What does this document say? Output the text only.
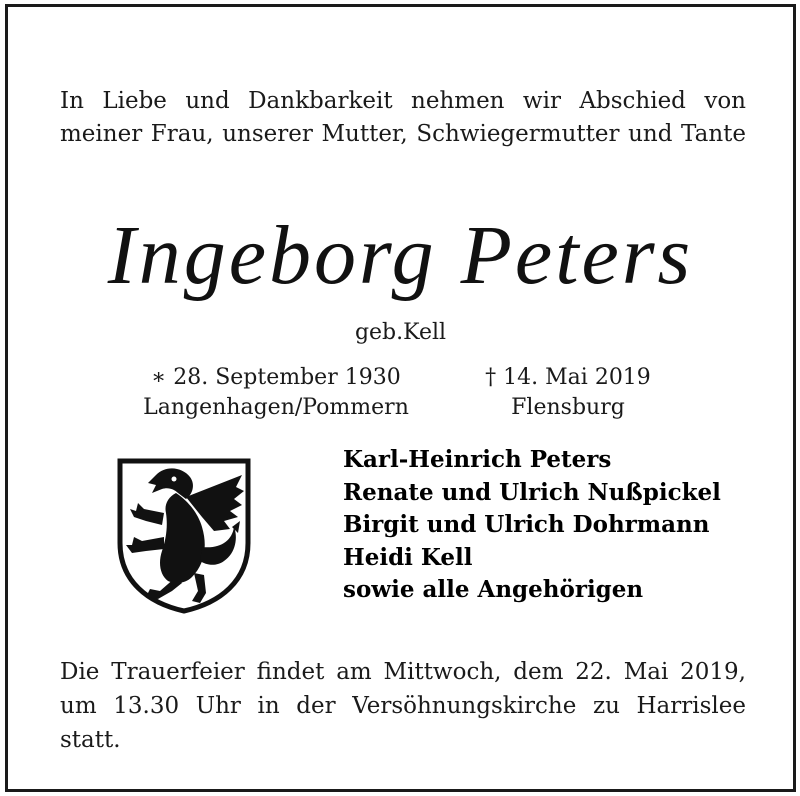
In Liebe und Dankbarkeit nehmen wir Abschied von
meiner Frau, unserer Mutter, Schwiegermutter und Tante
Ingeborg Peters
geb.Kell
∗ 28. September 1930
Langenhagen/Pommern
† 14. Mai 2019
Flensburg
Karl-Heinrich Peters
Renate und Ulrich Nußpickel
Birgit und Ulrich Dohrmann
Heidi Kell
sowie alle Angehörigen
Die Trauerfeier findet am Mittwoch, dem 22. Mai 2019,
um 13.30 Uhr in der Versöhnungskirche zu Harrislee statt.
